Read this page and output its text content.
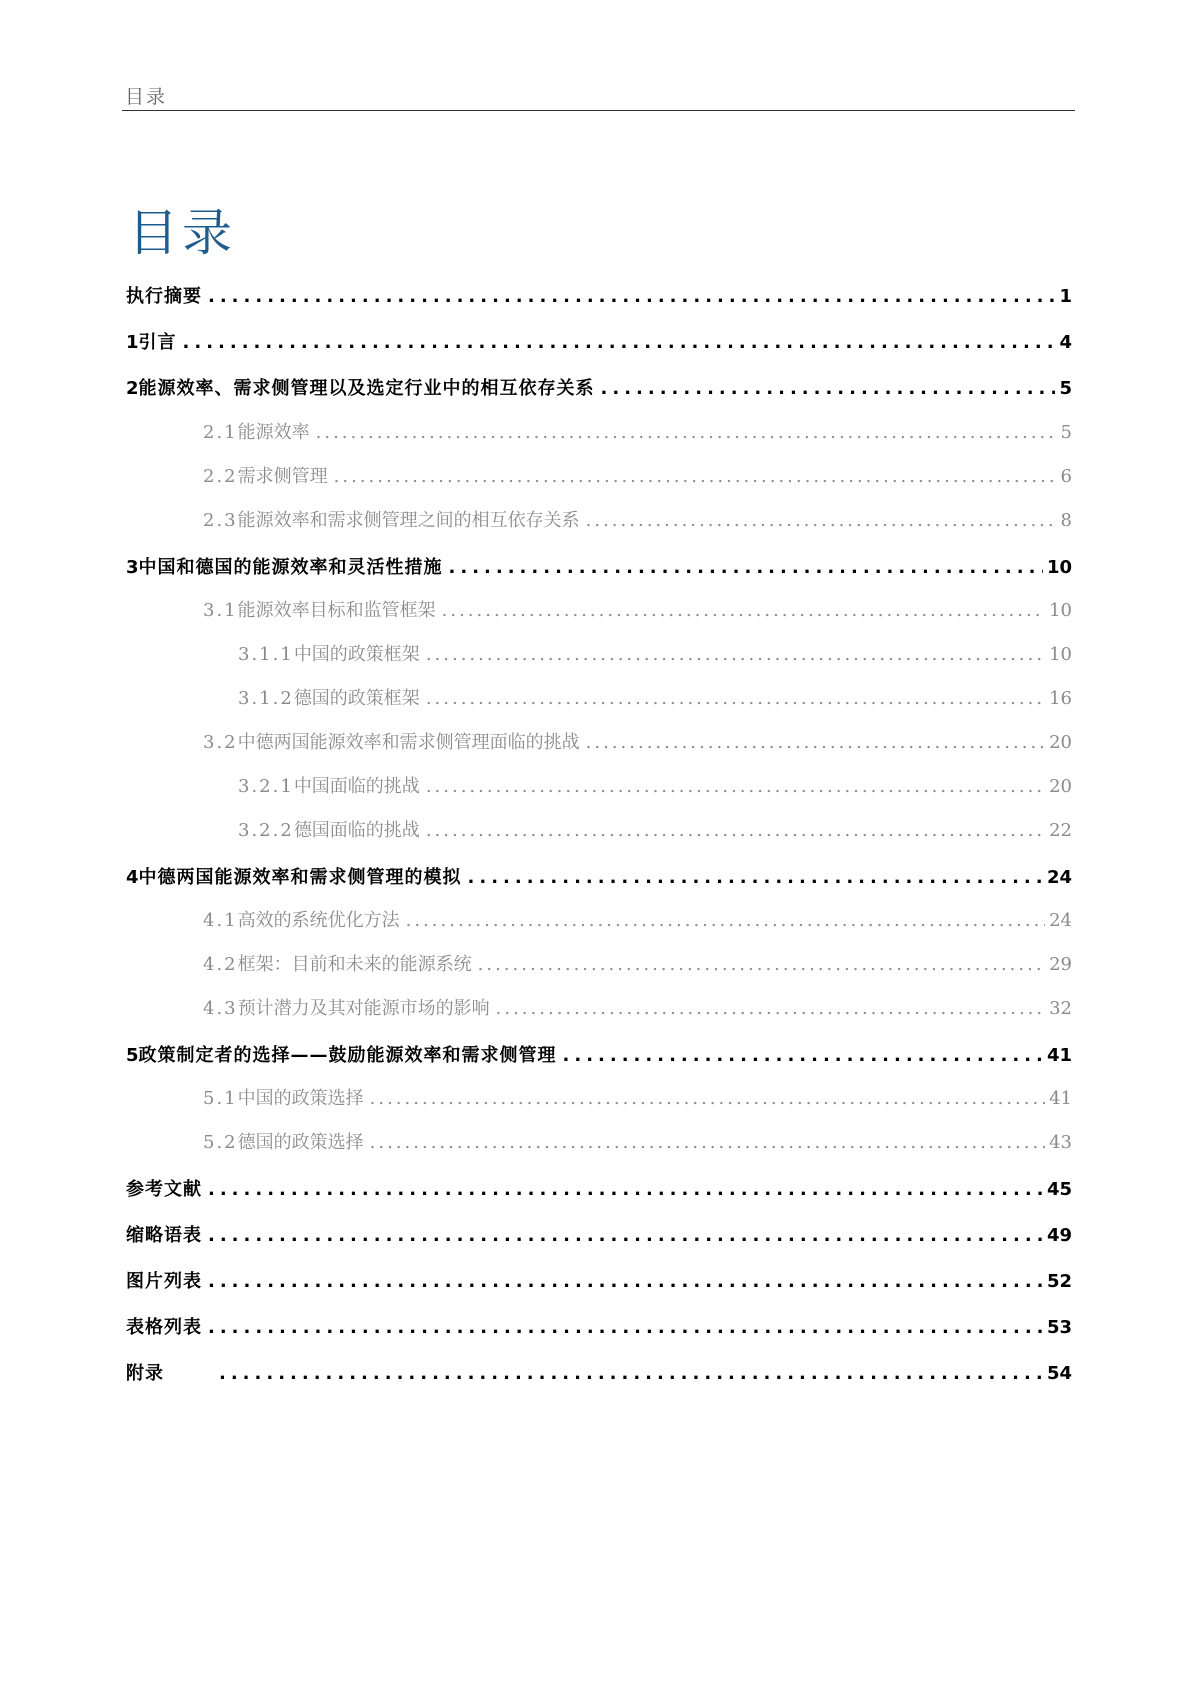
目录
目录
执行摘要 .....	1
1 引言 .....	4
2 能源效率、需求侧管理以及选定行业中的相互依存关系 .....	5
2.1 能源效率 .....	5
2.2 需求侧管理 .....	6
2.3 能源效率和需求侧管理之间的相互依存关系 .....	8
3 中国和德国的能源效率和灵活性措施 .....	10
3.1 能源效率目标和监管框架 .....	10
3.1.1 中国的政策框架 .....	10
3.1.2 德国的政策框架 .....	16
3.2 中德两国能源效率和需求侧管理面临的挑战 .....	20
3.2.1 中国面临的挑战 .....	20
3.2.2 德国面临的挑战 .....	22
4 中德两国能源效率和需求侧管理的模拟 .....	24
4.1 高效的系统优化方法 .....	24
4.2 框架：目前和未来的能源系统 .....	29
4.3 预计潜力及其对能源市场的影响 .....	32
5 政策制定者的选择——鼓励能源效率和需求侧管理 .....	41
5.1 中国的政策选择 .....	41
5.2 德国的政策选择 .....	43
参考文献 .....	45
缩略语表 .....	49
图片列表 .....	52
表格列表 .....	53
附录 .....	54
